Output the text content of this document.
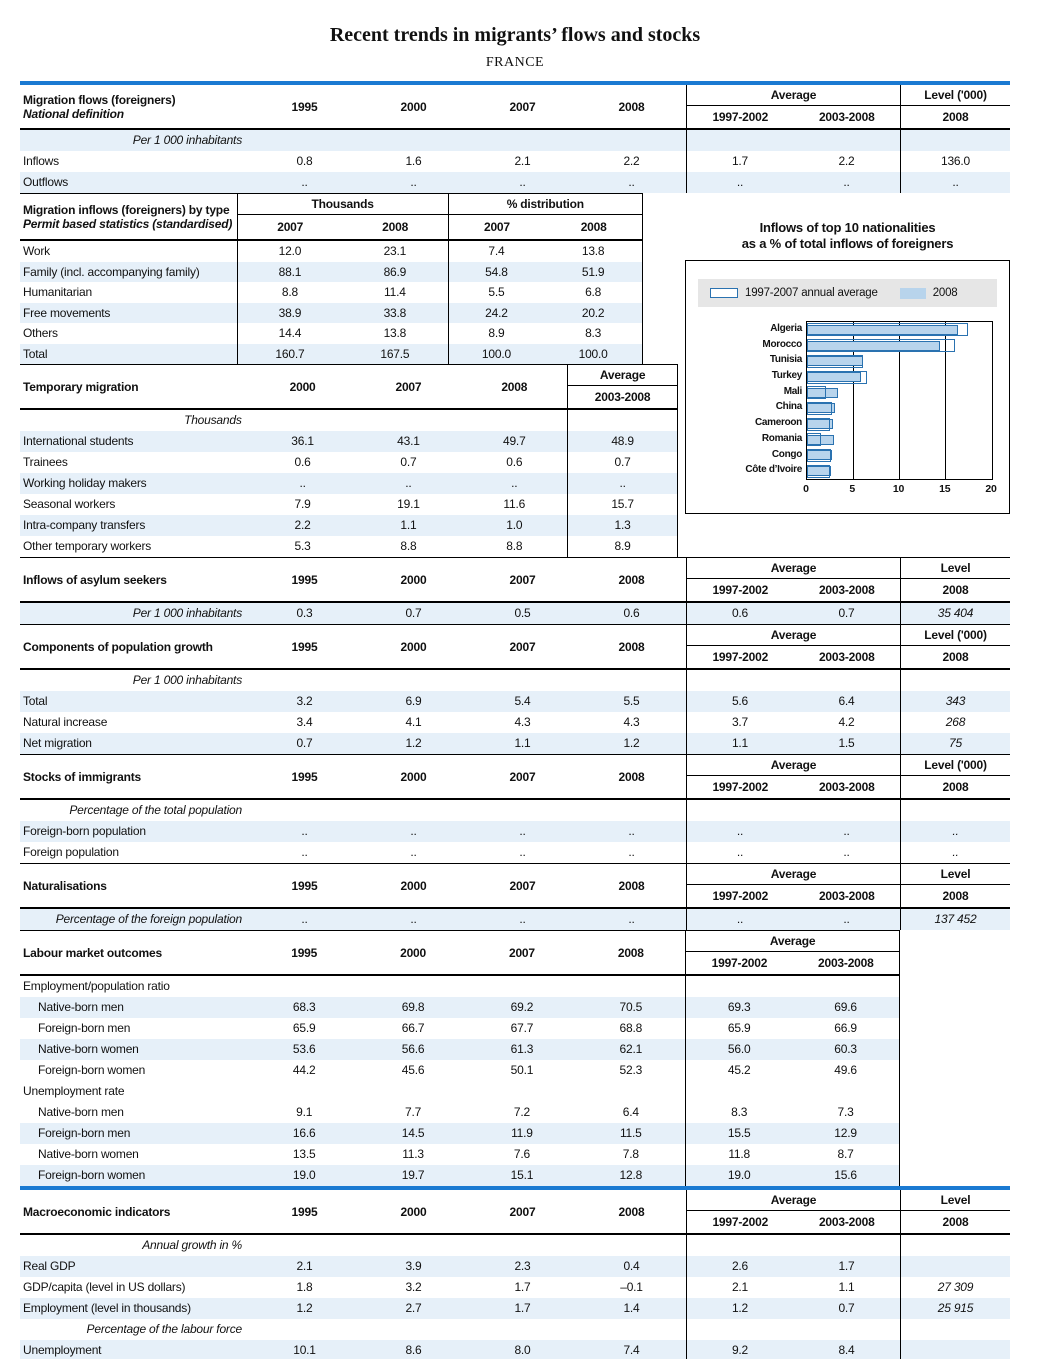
Recent trends in migrants’ flows and stocks
FRANCE
Migration flows (foreigners)
National definition	1995	2000	2007	2008
Average
1997-2002	2003-2008
Level ('000)
2008
Per 1 000 inhabitants
Inflows	0.8	1.6	2.1	2.2	1.7	2.2	136.0
Outflows	..	..	..	..	..	..	..
Migration inflows (foreigners) by type
Permit based statistics (standardised)
Thousands
2007	2008
% distribution
2007	2008
Work	12.0	23.1	7.4	13.8
Family (incl. accompanying family)	88.1	86.9	54.8	51.9
Humanitarian	8.8	11.4	5.5	6.8
Free movements	38.9	33.8	24.2	20.2
Others	14.4	13.8	8.9	8.3
Total	160.7	167.5	100.0	100.0
Temporary migration	2000	2007	2008
Average
2003-2008
Thousands
International students	36.1	43.1	49.7	48.9
Trainees	0.6	0.7	0.6	0.7
Working holiday makers	..	..	..	..
Seasonal workers	7.9	19.1	11.6	15.7
Intra-company transfers	2.2	1.1	1.0	1.3
Other temporary workers	5.3	8.8	8.8	8.9
Inflows of asylum seekers	1995	2000	2007	2008
Average
1997-2002	2003-2008
Level
2008
Per 1 000 inhabitants	0.3	0.7	0.5	0.6	0.6	0.7	35 404
Components of population growth	1995	2000	2007	2008
Average
1997-2002	2003-2008
Level ('000)
2008
Per 1 000 inhabitants
Total	3.2	6.9	5.4	5.5	5.6	6.4	343
Natural increase	3.4	4.1	4.3	4.3	3.7	4.2	268
Net migration	0.7	1.2	1.1	1.2	1.1	1.5	75
Stocks of immigrants	1995	2000	2007	2008
Average
1997-2002	2003-2008
Level ('000)
2008
Percentage of the total population
Foreign-born population	..	..	..	..	..	..	..
Foreign population	..	..	..	..	..	..	..
Naturalisations	1995	2000	2007	2008
Average
1997-2002	2003-2008
Level
2008
Percentage of the foreign population	..	..	..	..	..	..	137 452
Labour market outcomes	1995	2000	2007	2008
Average
1997-2002	2003-2008
Employment/population ratio
Native-born men	68.3	69.8	69.2	70.5	69.3	69.6
Foreign-born men	65.9	66.7	67.7	68.8	65.9	66.9
Native-born women	53.6	56.6	61.3	62.1	56.0	60.3
Foreign-born women	44.2	45.6	50.1	52.3	45.2	49.6
Unemployment rate
Native-born men	9.1	7.7	7.2	6.4	8.3	7.3
Foreign-born men	16.6	14.5	11.9	11.5	15.5	12.9
Native-born women	13.5	11.3	7.6	7.8	11.8	8.7
Foreign-born women	19.0	19.7	15.1	12.8	19.0	15.6
Macroeconomic indicators	1995	2000	2007	2008
Average
1997-2002	2003-2008
Level
2008
Annual growth in %
Real GDP	2.1	3.9	2.3	0.4	2.6	1.7
GDP/capita (level in US dollars)	1.8	3.2	1.7	–0.1	2.1	1.1	27 309
Employment (level in thousands)	1.2	2.7	1.7	1.4	1.2	0.7	25 915
Percentage of the labour force
Unemployment	10.1	8.6	8.0	7.4	9.2	8.4
Inflows of top 10 nationalities
as a % of total inflows of foreigners
1997-2007 annual average	2008
Algeria
Morocco
Tunisia
Turkey
Mali
China
Cameroon
Romania
Congo
Côte d’Ivoire
0	5	10	15	20
